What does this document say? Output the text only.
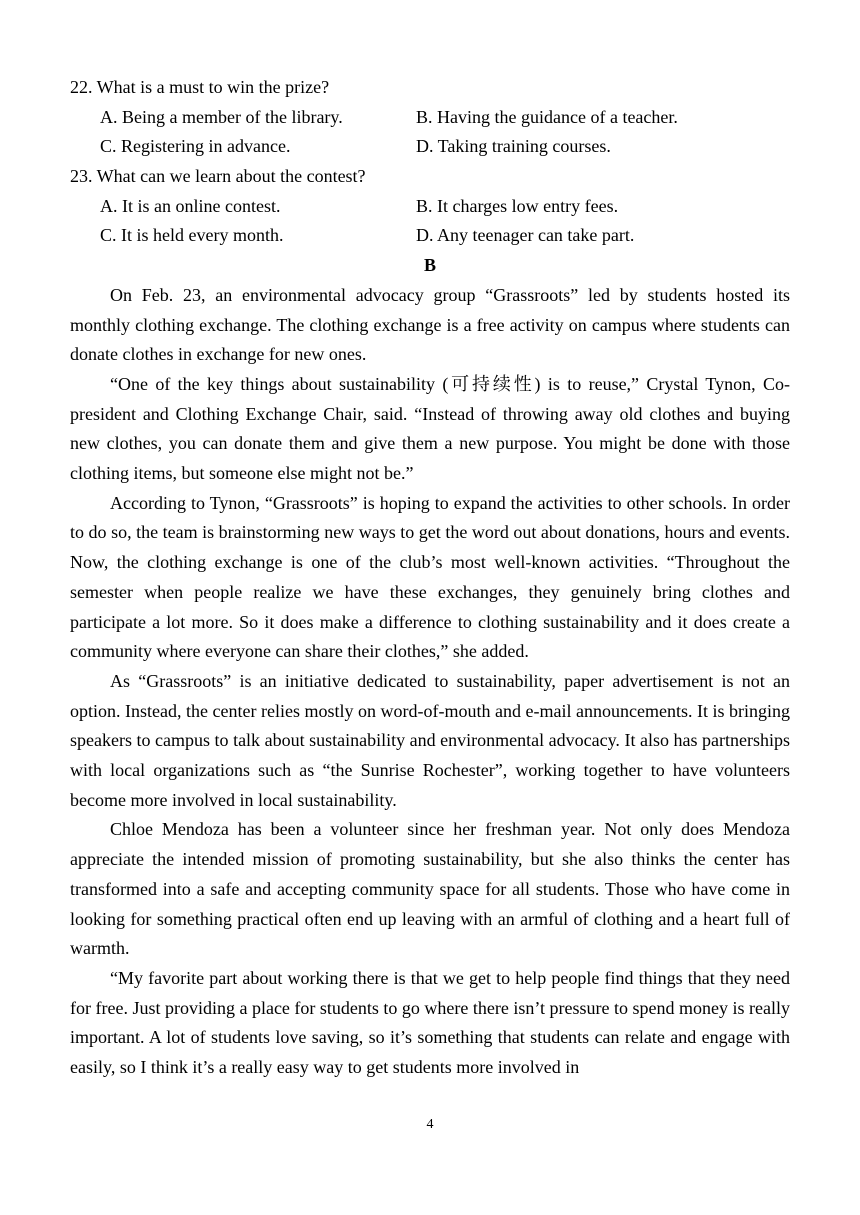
22. What is a must to win the prize?
A. Being a member of the library.	B. Having the guidance of a teacher.
C. Registering in advance.	D. Taking training courses.
23. What can we learn about the contest?
A. It is an online contest.	B. It charges low entry fees.
C. It is held every month.	D. Any teenager can take part.
B

On Feb. 23, an environmental advocacy group “Grassroots” led by students hosted its monthly clothing exchange. The clothing exchange is a free activity on campus where students can donate clothes in exchange for new ones.

“One of the key things about sustainability (可持续性) is to reuse,” Crystal Tynon, Co-president and Clothing Exchange Chair, said. “Instead of throwing away old clothes and buying new clothes, you can donate them and give them a new purpose. You might be done with those clothing items, but someone else might not be.”

According to Tynon, “Grassroots” is hoping to expand the activities to other schools. In order to do so, the team is brainstorming new ways to get the word out about donations, hours and events. Now, the clothing exchange is one of the club’s most well-known activities. “Throughout the semester when people realize we have these exchanges, they genuinely bring clothes and participate a lot more. So it does make a difference to clothing sustainability and it does create a community where everyone can share their clothes,” she added.

As “Grassroots” is an initiative dedicated to sustainability, paper advertisement is not an option. Instead, the center relies mostly on word-of-mouth and e-mail announcements. It is bringing speakers to campus to talk about sustainability and environmental advocacy. It also has partnerships with local organizations such as “the Sunrise Rochester”, working together to have volunteers become more involved in local sustainability.

Chloe Mendoza has been a volunteer since her freshman year. Not only does Mendoza appreciate the intended mission of promoting sustainability, but she also thinks the center has transformed into a safe and accepting community space for all students. Those who have come in looking for something practical often end up leaving with an armful of clothing and a heart full of warmth.

“My favorite part about working there is that we get to help people find things that they need for free. Just providing a place for students to go where there isn’t pressure to spend money is really important. A lot of students love saving, so it’s something that students can relate and engage with easily, so I think it’s a really easy way to get students more involved in

4
